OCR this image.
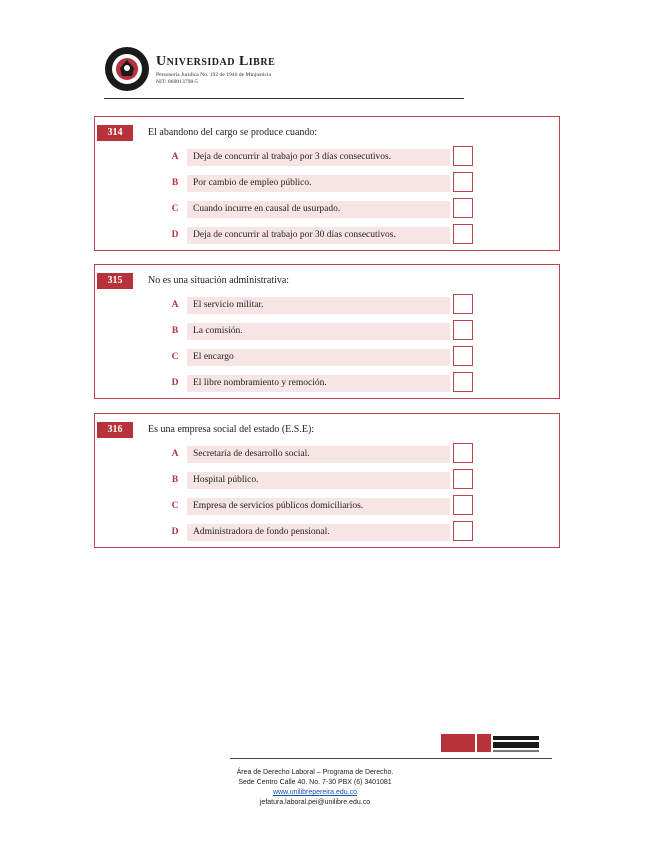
Universidad Libre
Personería Jurídica No. 192 de 1946 de Minjusticia
NIT: 860013798-5
314	El abandono del cargo se produce cuando:
A Deja de concurrir al trabajo por 3 días consecutivos.
B Por cambio de empleo público.
C Cuando incurre en causal de usurpado.
D Deja de concurrir al trabajo por 30 días consecutivos.
315	No es una situación administrativa:
A El servicio militar.
B La comisión.
C El encargo
D El libre nombramiento y remoción.
316	Es una empresa social del estado (E.S.E):
A Secretaría de desarrollo social.
B Hospital público.
C Empresa de servicios públicos domiciliarios.
D Administradora de fondo pensional.
Área de Derecho Laboral – Programa de Derecho.
Sede Centro Calle 40. No. 7-30 PBX (6) 3401081
www.unilibrepereira.edu.co
jefatura.laboral.pei@unilibre.edu.co
